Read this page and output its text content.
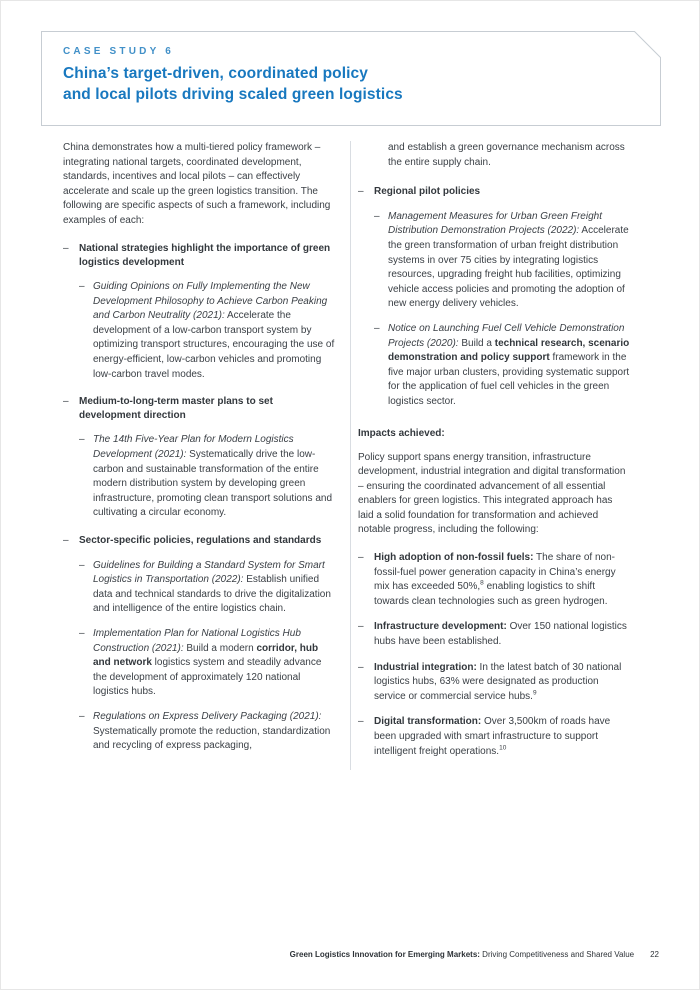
CASE STUDY 6

China’s target-driven, coordinated policy
and local pilots driving scaled green logistics

China demonstrates how a multi-tiered policy framework – integrating national targets, coordinated development, standards, incentives and local pilots – can effectively accelerate and scale up the green logistics transition. The following are specific aspects of such a framework, including examples of each:

–	National strategies highlight the importance of green logistics development

– Guiding Opinions on Fully Implementing the New Development Philosophy to Achieve Carbon Peaking and Carbon Neutrality (2021): Accelerate the development of a low-carbon transport system by optimizing transport structures, encouraging the use of energy-efficient, low-carbon vehicles and promoting low-carbon travel modes.

–	Medium-to-long-term master plans to set development direction

– The 14th Five-Year Plan for Modern Logistics Development (2021): Systematically drive the low-carbon and sustainable transformation of the entire modern distribution system by developing green infrastructure, promoting clean transport solutions and cultivating a circular economy.

–	Sector-specific policies, regulations and standards

– Guidelines for Building a Standard System for Smart Logistics in Transportation (2022): Establish unified data and technical standards to drive the digitalization and intelligence of the entire logistics chain.

– Implementation Plan for National Logistics Hub Construction (2021): Build a modern corridor, hub and network logistics system and steadily advance the development of approximately 120 national logistics hubs.

– Regulations on Express Delivery Packaging (2021): Systematically promote the reduction, standardization and recycling of express packaging,

and establish a green governance mechanism across the entire supply chain.

–	Regional pilot policies

– Management Measures for Urban Green Freight Distribution Demonstration Projects (2022): Accelerate the green transformation of urban freight distribution systems in over 75 cities by integrating logistics resources, upgrading freight hub facilities, optimizing vehicle access policies and promoting the adoption of new energy delivery vehicles.

– Notice on Launching Fuel Cell Vehicle Demonstration Projects (2020): Build a technical research, scenario demonstration and policy support framework in the five major urban clusters, providing systematic support for the application of fuel cell vehicles in the green logistics sector.

Impacts achieved:

Policy support spans energy transition, infrastructure development, industrial integration and digital transformation – ensuring the coordinated advancement of all essential enablers for green logistics. This integrated approach has laid a solid foundation for transformation and achieved notable progress, including the following:

–	High adoption of non-fossil fuels: The share of non-fossil-fuel power generation capacity in China’s energy mix has exceeded 50%,$^8$ enabling logistics to shift towards clean technologies such as green hydrogen.

–	Infrastructure development: Over 150 national logistics hubs have been established.

–	Industrial integration: In the latest batch of 30 national logistics hubs, 63% were designated as production service or commercial service hubs.$^9$

–	Digital transformation: Over 3,500km of roads have been upgraded with smart infrastructure to support intelligent freight operations.$^{10}$

Green Logistics Innovation for Emerging Markets: Driving Competitiveness and Shared Value 22
